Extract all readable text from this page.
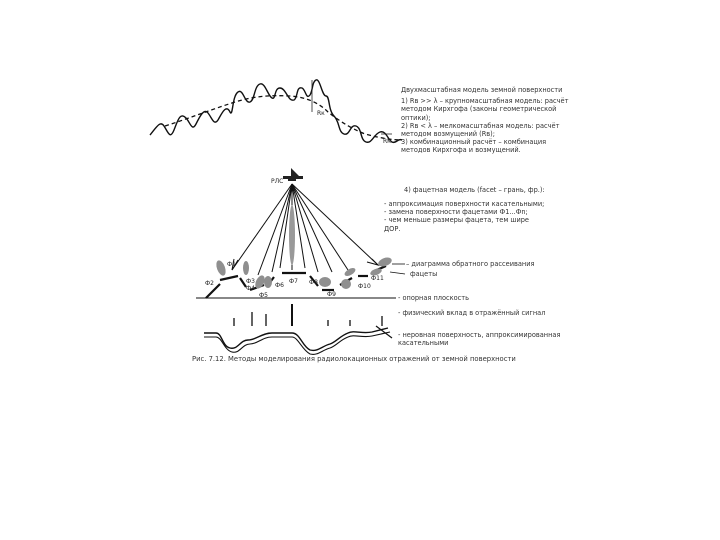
Rк
Rм
РЛС
Ф1
Ф2	Ф3
Ф4
Ф5
Ф6
Ф7 Ф8
Ф9
Ф10
Ф11
Двухмасштабная модель земной поверхности
1) Rв >> λ – крупномасштабная модель: расчёт
методом Кирхгофа (законы геометрической
оптики);
2) Rв < λ – мелкомасштабная модель: расчёт
методом возмущений (Rв);
3) комбинационный расчёт – комбинация
методов Кирхгофа и возмущений.
4) фацетная модель (facet – грань, фр.):
- аппроксимация поверхности касательными;
- замена поверхности фацетами Ф1...Фn;
- чем меньше размеры фацета, тем шире
ДОР.
– диаграмма обратного рассеивания
фацеты
- опорная плоскость
- физический вклад в отражённый сигнал
- неровная поверхность, аппроксимированная
касательными
Рис. 7.12. Методы моделирования радиолокационных отражений от земной поверхности
